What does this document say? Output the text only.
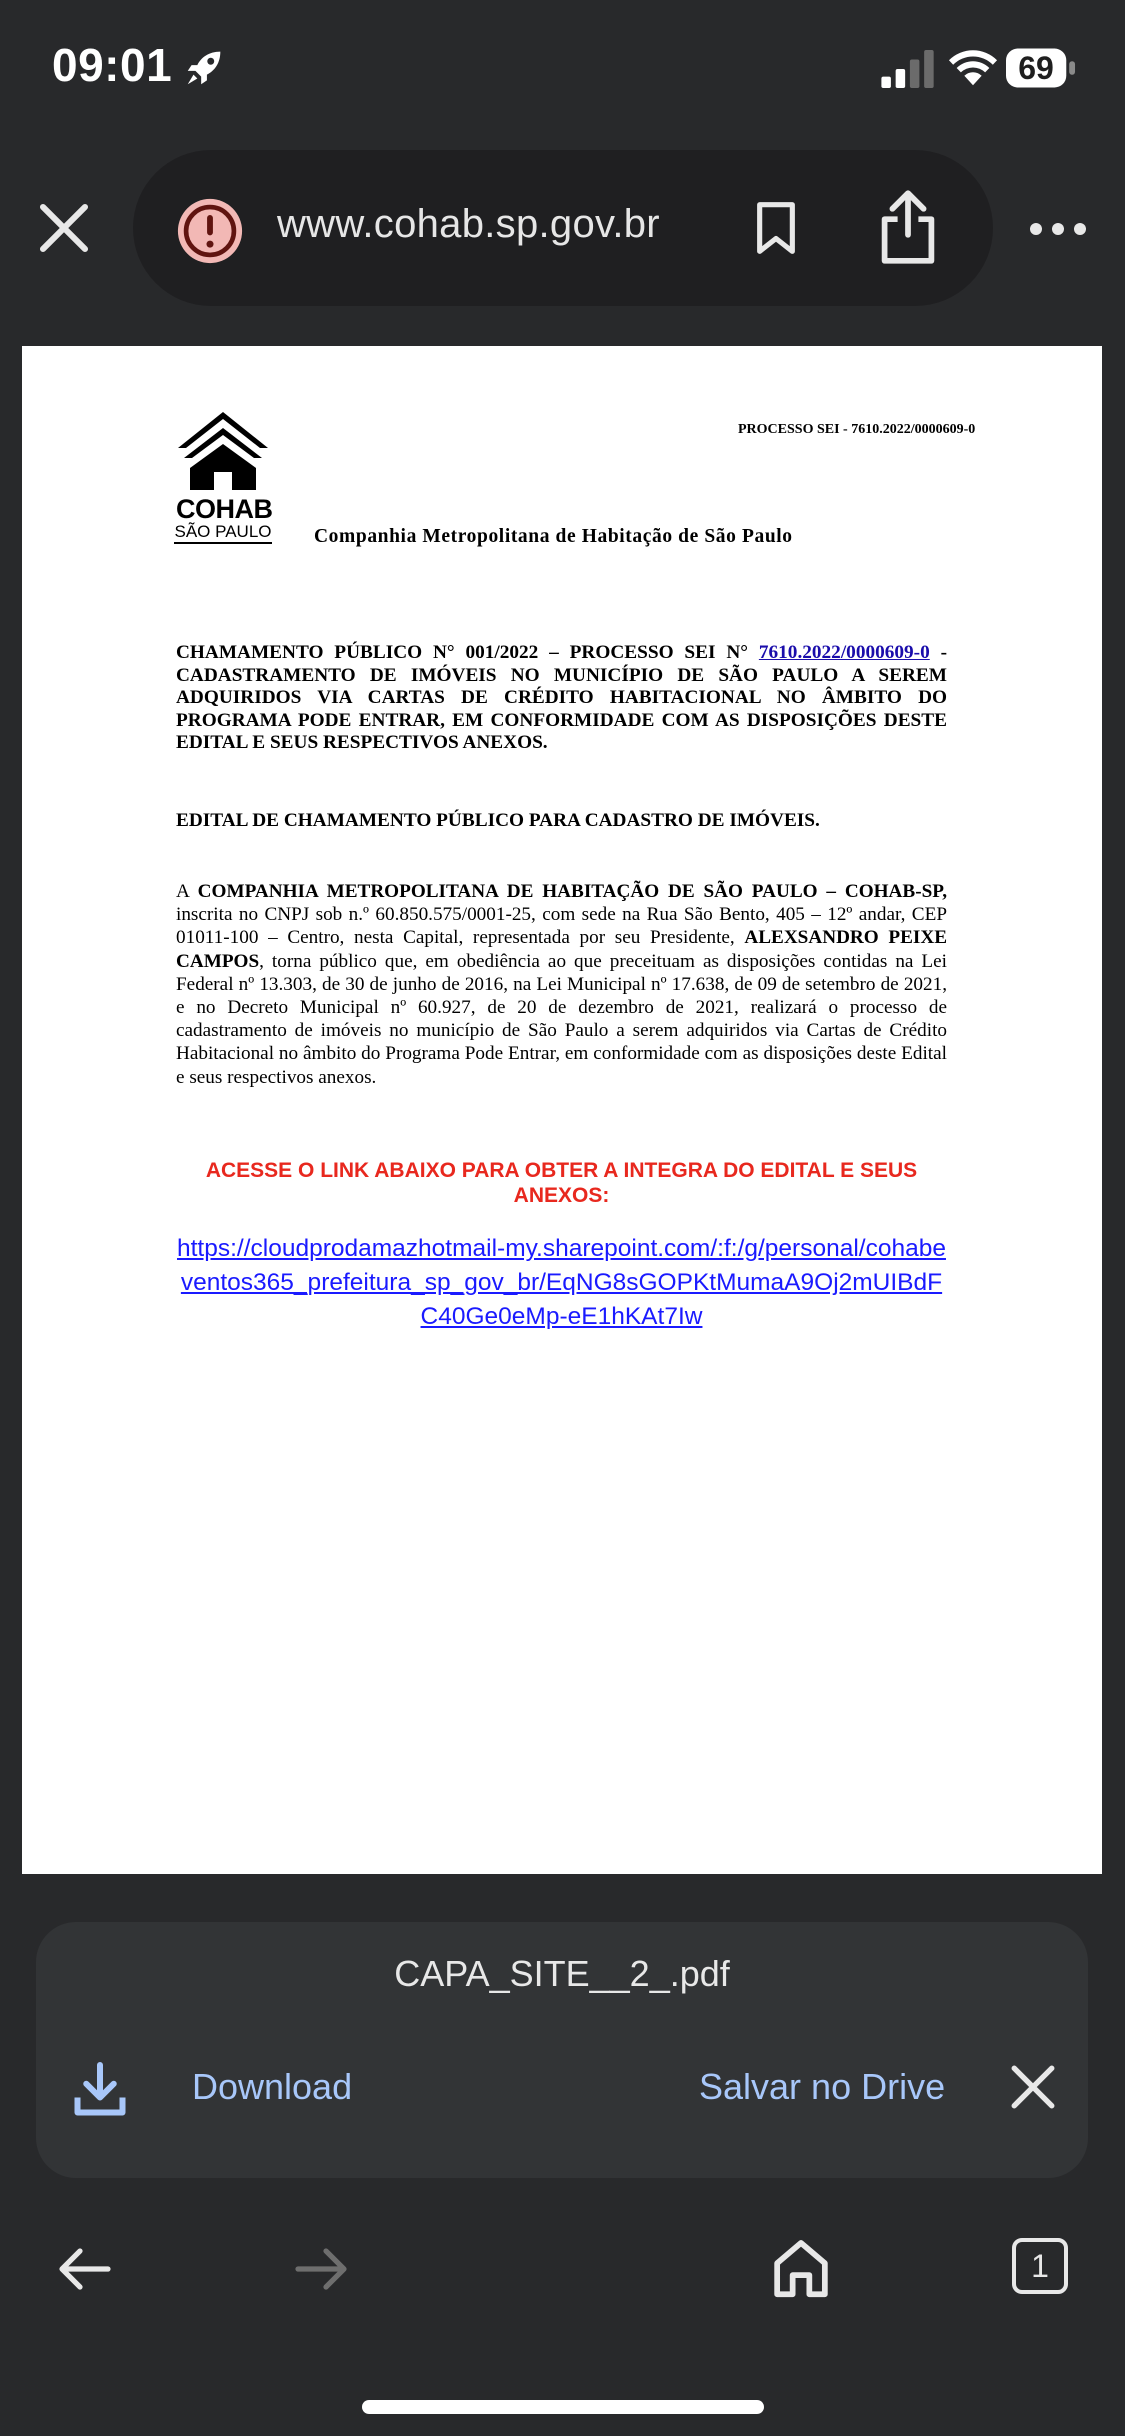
09:01	69
www.cohab.sp.gov.br
PROCESSO SEI - 7610.2022/0000609-0
COHAB
SÃO PAULO Companhia Metropolitana de Habitação de São Paulo
CHAMAMENTO PÚBLICO N° 001/2022 – PROCESSO SEI N° 7610.2022/0000609-0 - CADASTRAMENTO DE IMÓVEIS NO MUNICÍPIO DE SÃO PAULO A SEREM ADQUIRIDOS VIA CARTAS DE CRÉDITO HABITACIONAL NO ÂMBITO DO PROGRAMA PODE ENTRAR, EM CONFORMIDADE COM AS DISPOSIÇÕES DESTE EDITAL E SEUS RESPECTIVOS ANEXOS.
EDITAL DE CHAMAMENTO PÚBLICO PARA CADASTRO DE IMÓVEIS.
A COMPANHIA METROPOLITANA DE HABITAÇÃO DE SÃO PAULO – COHAB-SP, inscrita no CNPJ sob n.º 60.850.575/0001-25, com sede na Rua São Bento, 405 – 12º andar, CEP 01011-100 – Centro, nesta Capital, representada por seu Presidente, ALEXSANDRO PEIXE CAMPOS, torna público que, em obediência ao que preceituam as disposições contidas na Lei Federal nº 13.303, de 30 de junho de 2016, na Lei Municipal nº 17.638, de 09 de setembro de 2021, e no Decreto Municipal nº 60.927, de 20 de dezembro de 2021, realizará o processo de cadastramento de imóveis no município de São Paulo a serem adquiridos via Cartas de Crédito Habitacional no âmbito do Programa Pode Entrar, em conformidade com as disposições deste Edital e seus respectivos anexos.
ACESSE O LINK ABAIXO PARA OBTER A INTEGRA DO EDITAL E SEUS ANEXOS:
https://cloudprodamazhotmail-my.sharepoint.com/:f:/g/personal/cohabeventos365_prefeitura_sp_gov_br/EqNG8sGOPKtMumaA9Oj2mUIBdFC40Ge0eMp-eE1hKAt7Iw
CAPA_SITE__2_.pdf
Download	Salvar no Drive
1
